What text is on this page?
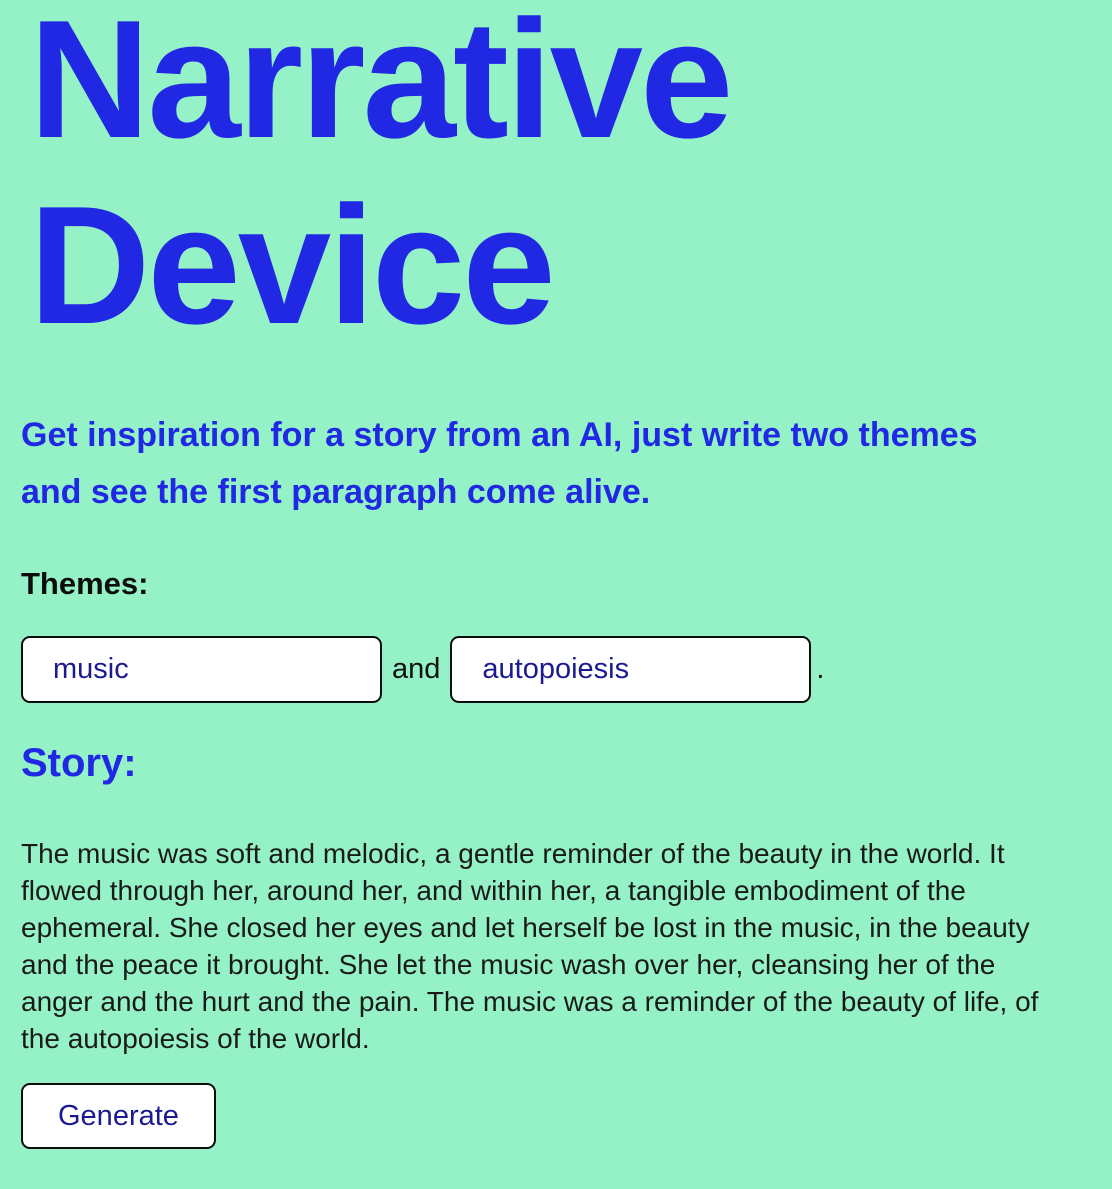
Narrative Device

Get inspiration for a story from an AI, just write two themes and see the first paragraph come alive.

Themes:
music
and
autopoiesis	.
Story:

The music was soft and melodic, a gentle reminder of the beauty in the world. It flowed through her, around her, and within her, a tangible embodiment of the ephemeral. She closed her eyes and let herself be lost in the music, in the beauty and the peace it brought. She let the music wash over her, cleansing her of the anger and the hurt and the pain. The music was a reminder of the beauty of life, of the autopoiesis of the world.

Generate
